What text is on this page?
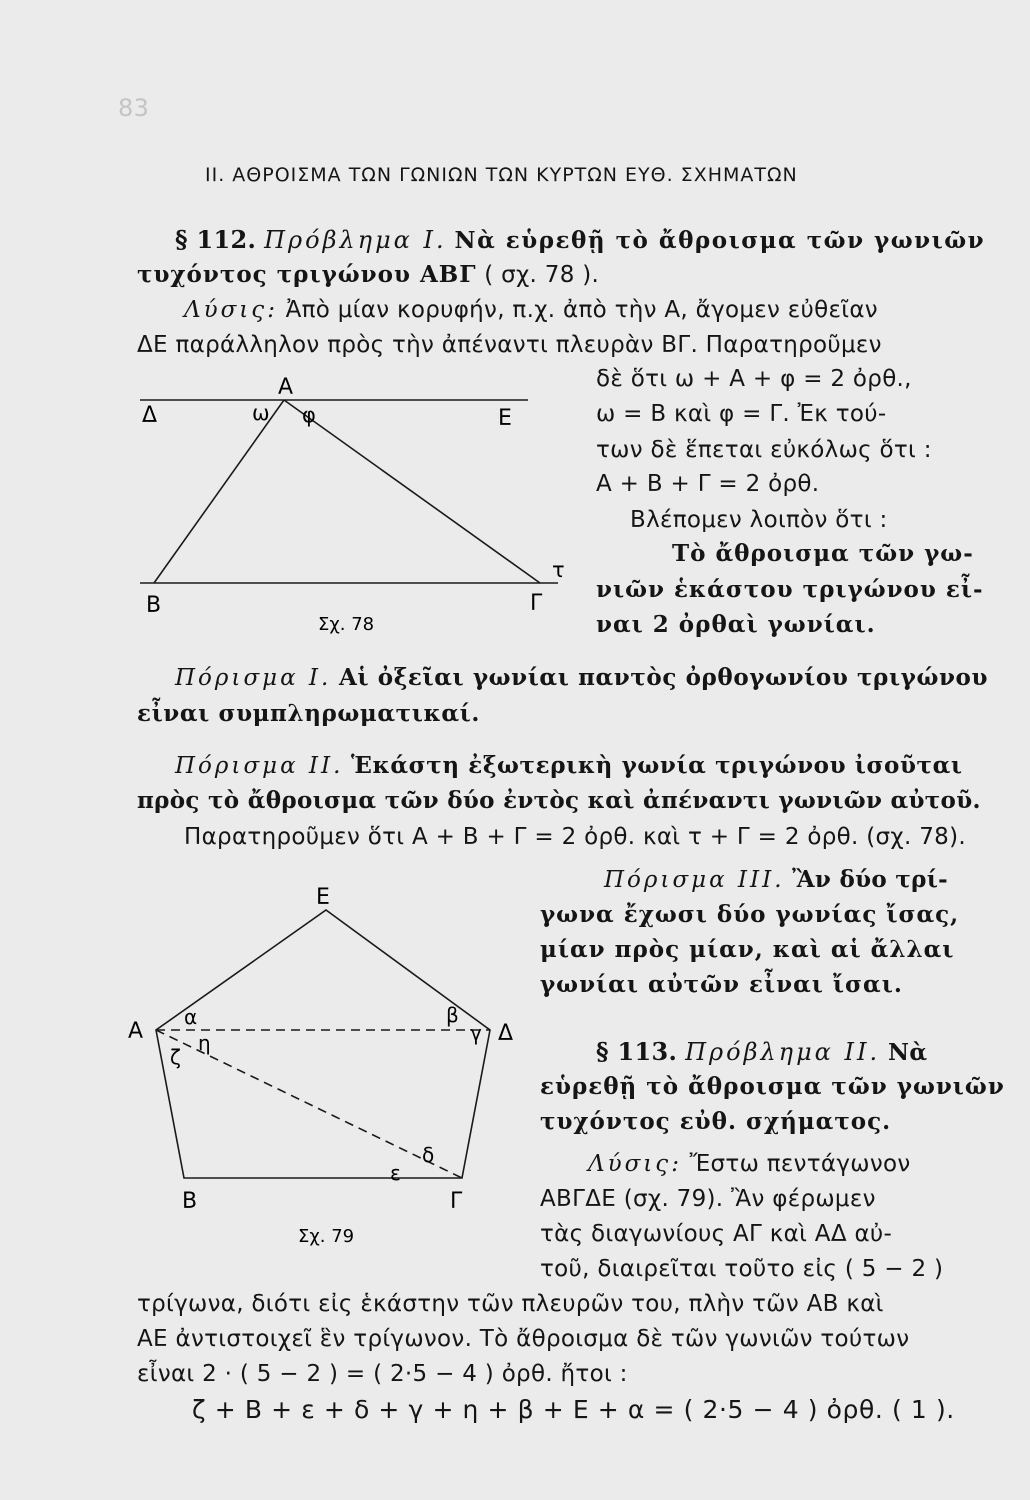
83
ΙΙ. ΑΘΡΟΙΣΜΑ ΤΩΝ ΓΩΝΙΩΝ ΤΩΝ ΚΥΡΤΩΝ ΕΥΘ. ΣΧΗΜΑΤΩΝ
§ 112. Πρόβλημα Ι. Νὰ εὑρεθῇ τὸ ἄθροισμα τῶν γωνιῶν
τυχόντος τριγώνου ΑΒΓ ( σχ. 78 ).
Λύσις: Ἀπὸ μίαν κορυφήν, π.χ. ἀπὸ τὴν Α, ἄγομεν εὐθεῖαν
ΔΕ παράλληλον πρὸς τὴν ἀπέναντι πλευρὰν ΒΓ. Παρατηροῦμεν
δὲ ὅτι ω + Α + φ = 2 ὀρθ.,
ω = Β καὶ φ = Γ. Ἐκ τού-
των δὲ ἕπεται εὐκόλως ὅτι :
Α + Β + Γ = 2 ὀρθ.
Βλέπομεν λοιπὸν ὅτι :
Τὸ ἄθροισμα τῶν γω-
νιῶν ἑκάστου τριγώνου εἶ-
ναι 2 ὀρθαὶ γωνίαι.
Α
Δ	Ε
ω φ
Β	Γ
τ
Σχ. 78
Πόρισμα Ι. Αἱ ὀξεῖαι γωνίαι παντὸς ὀρθογωνίου τριγώνου
εἶναι συμπληρωματικαί.
Πόρισμα ΙΙ. Ἑκάστη ἐξωτερικὴ γωνία τριγώνου ἰσοῦται
πρὸς τὸ ἄθροισμα τῶν δύο ἐντὸς καὶ ἀπέναντι γωνιῶν αὐτοῦ.
Παρατηροῦμεν ὅτι Α + Β + Γ = 2 ὀρθ. καὶ τ + Γ = 2 ὀρθ. (σχ. 78).
Πόρισμα ΙΙΙ. Ἂν δύο τρί-
γωνα ἔχωσι δύο γωνίας ἴσας,
μίαν πρὸς μίαν, καὶ αἱ ἄλλαι
γωνίαι αὐτῶν εἶναι ἴσαι.
§ 113. Πρόβλημα ΙΙ. Νὰ
εὑρεθῇ τὸ ἄθροισμα τῶν γωνιῶν
τυχόντος εὐθ. σχήματος.
Λύσις: Ἔστω πεντάγωνον
ΑΒΓΔΕ (σχ. 79). Ἂν φέρωμεν
τὰς διαγωνίους ΑΓ καὶ ΑΔ αὐ-
τοῦ, διαιρεῖται τοῦτο εἰς ( 5 − 2 )
τρίγωνα, διότι εἰς ἑκάστην τῶν πλευρῶν του, πλὴν τῶν ΑΒ καὶ
ΑΕ ἀντιστοιχεῖ ἓν τρίγωνον. Τὸ ἄθροισμα δὲ τῶν γωνιῶν τούτων
εἶναι 2 · ( 5 − 2 ) = ( 2·5 − 4 ) ὀρθ. ἤτοι :
ζ + Β + ε + δ + γ + η + β + Ε + α = ( 2·5 − 4 ) ὀρθ. ( 1 ).
Ε
Α	Δ
Β	Γ
α
η
ζ
β
γ
δ
ε
Σχ. 79
